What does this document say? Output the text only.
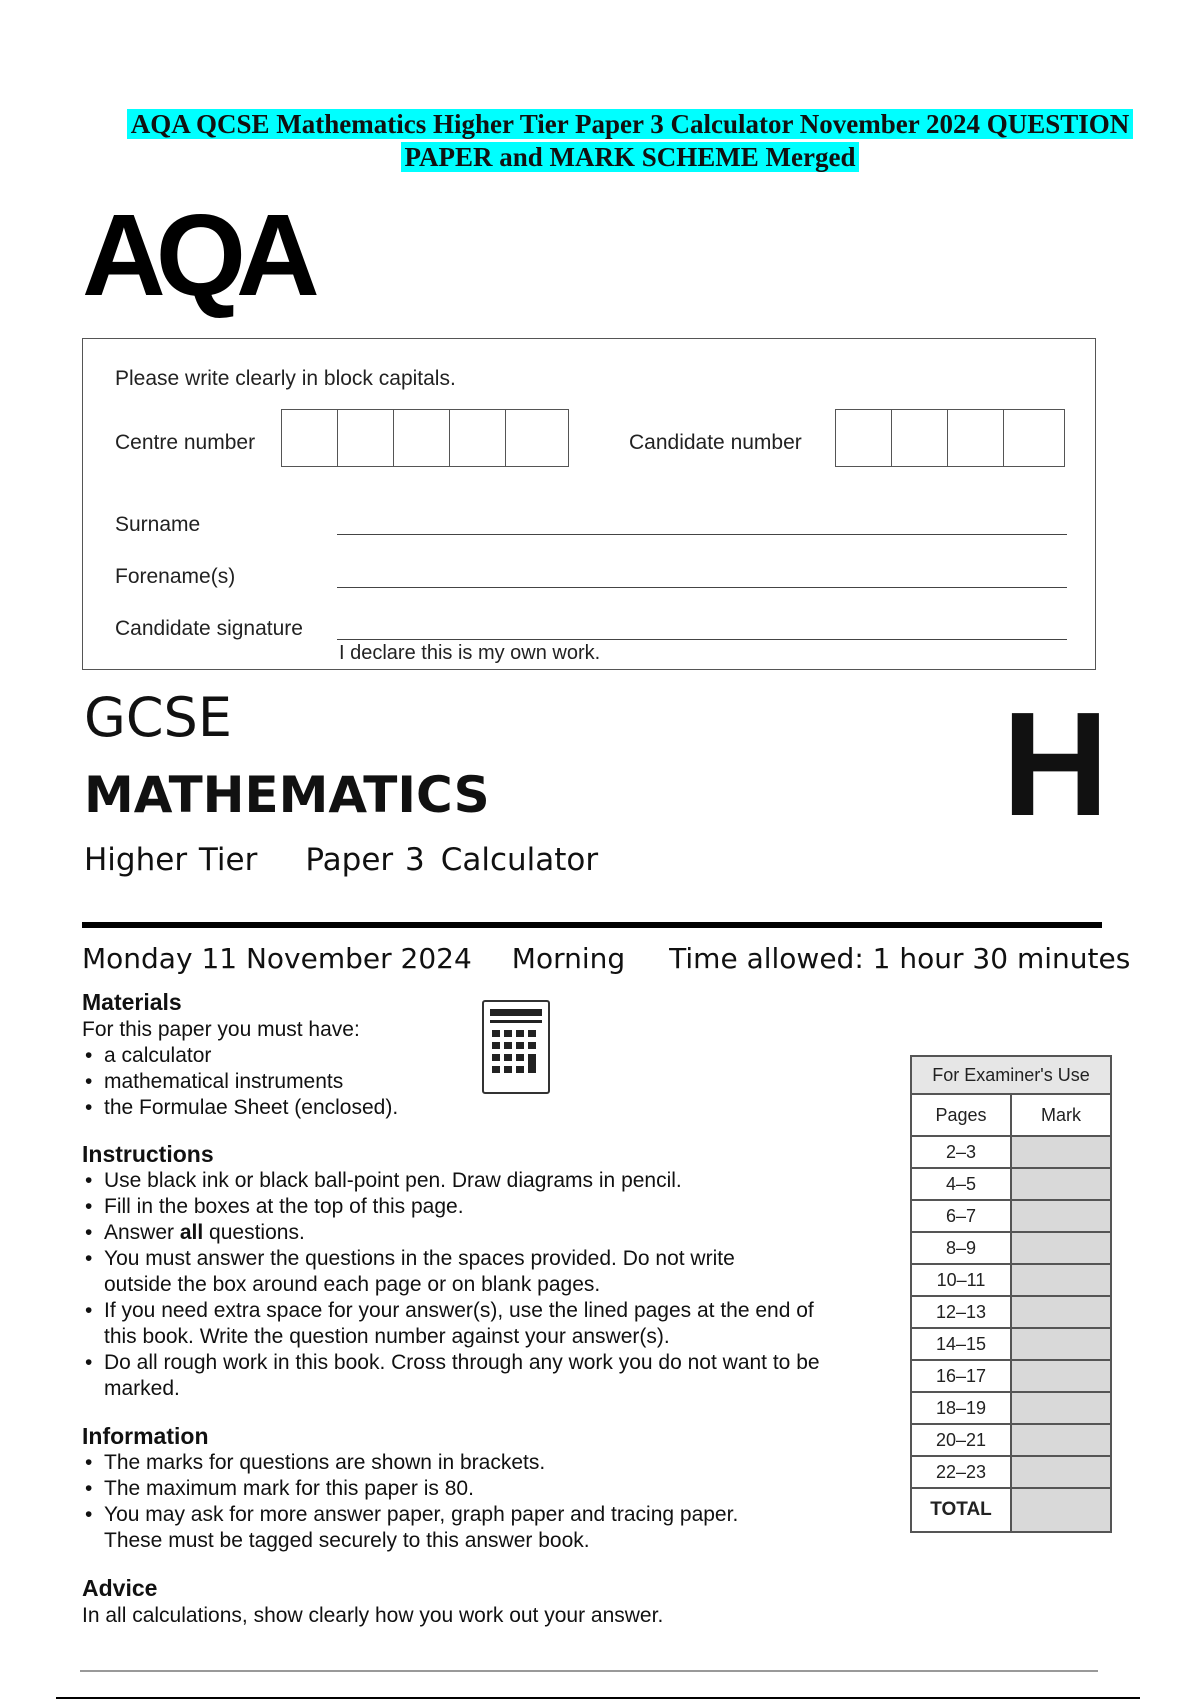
AQA QCSE Mathematics Higher Tier Paper 3 Calculator November 2024 QUESTION
PAPER and MARK SCHEME Merged
AQA
Please write clearly in block capitals.
Centre number	Candidate number
Surname
Forename(s)
Candidate signature
I declare this is my own work.
GCSE
MATHEMATICS
Higher Tier Paper 3 Calculator
H
Monday 11 November 2024 Morning Time allowed: 1 hour 30 minutes
Materials
For this paper you must have:
• a calculator
• mathematical instruments
• the Formulae Sheet (enclosed).
Instructions
• Use black ink or black ball-point pen. Draw diagrams in pencil.
• Fill in the boxes at the top of this page.
• Answer all questions.
• You must answer the questions in the spaces provided. Do not write outside the box around each page or on blank pages.
• If you need extra space for your answer(s), use the lined pages at the end of this book. Write the question number against your answer(s).
• Do all rough work in this book. Cross through any work you do not want to be marked.
Information
• The marks for questions are shown in brackets.
• The maximum mark for this paper is 80.
• You may ask for more answer paper, graph paper and tracing paper. These must be tagged securely to this answer book.
Advice
In all calculations, show clearly how you work out your answer.
For Examiner's Use	
Pages	Mark
2–3	
4–5	
6–7	
8–9	
10–11	
12–13	
14–15	
16–17	
18–19	
20–21	
22–23	
TOTAL	
